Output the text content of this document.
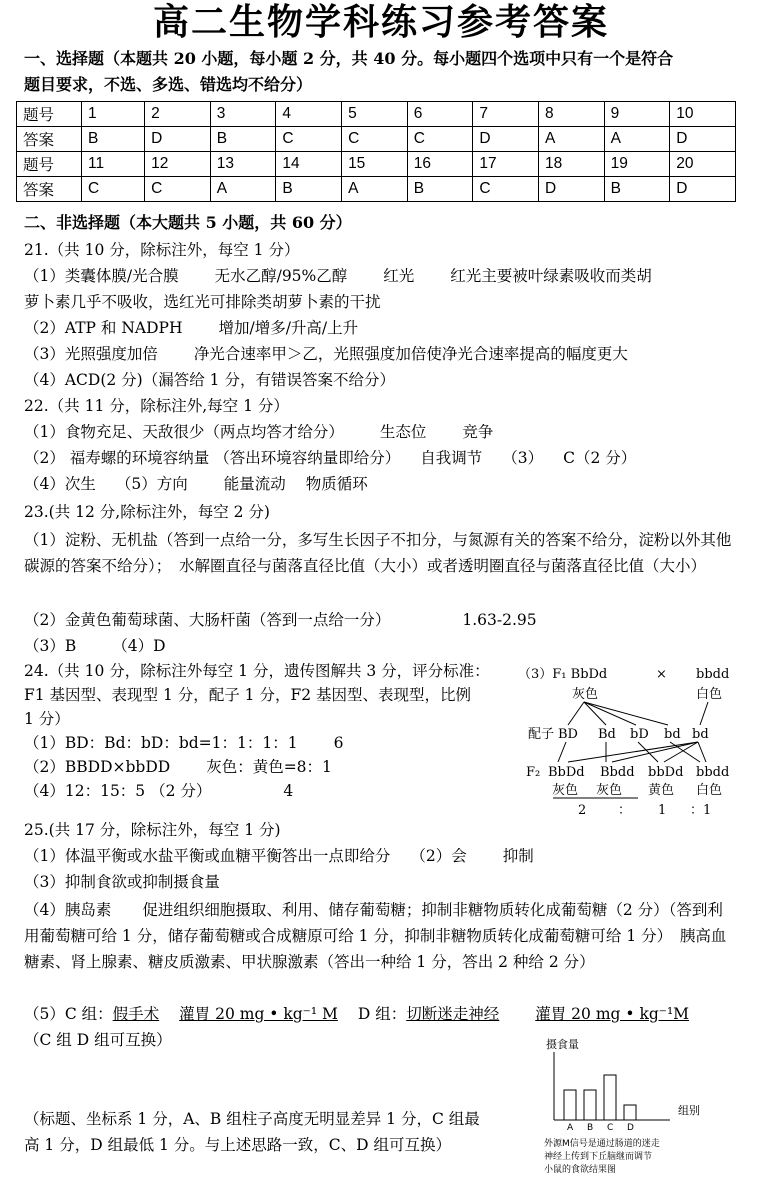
高二生物学科练习参考答案
一、选择题（本题共 20 小题，每小题 2 分，共 40 分。每小题四个选项中只有一个是符合
题目要求，不选、多选、错选均不给分）
题号	1	2	3	4	5	6	7	8	9	10
答案	B	D	B	C	C	C	D	A	A	D
题号	11	12	13	14	15	16	17	18	19	20
答案	C	C	A	B	A	B	C	D	B	D
二、非选择题（本大题共 5 小题，共 60 分）
21.（共 10 分，除标注外，每空 1 分）
（1）类囊体膜/光合膜 无水乙醇/95%乙醇 红光 红光主要被叶绿素吸收而类胡
萝卜素几乎不吸收，选红光可排除类胡萝卜素的干扰
（2）ATP 和 NADPH 增加/增多/升高/上升
（3）光照强度加倍 净光合速率甲＞乙，光照强度加倍使净光合速率提高的幅度更大
（4）ACD(2 分)（漏答给 1 分，有错误答案不给分）
22.（共 11 分，除标注外,每空 1 分）
（1）食物充足、天敌很少（两点均答才给分） 生态位 竞争
（2） 福寿螺的环境容纳量 （答出环境容纳量即给分） 自我调节 （3） C（2 分）
（4）次生 （5）方向 能量流动 物质循环
23.(共 12 分,除标注外，每空 2 分)
（1）淀粉、无机盐（答到一点给一分，多写生长因子不扣分，与氮源有关的答案不给分，淀粉以外其他碳源的答案不给分）；　水解圈直径与菌落直径比值（大小）或者透明圈直径与菌落直径比值（大小）
（2）金黄色葡萄球菌、大肠杆菌（答到一点给一分）	1.63-2.95
（3）B （4）D
24.（共 10 分，除标注外每空 1 分，遗传图解共 3 分，评分标准：
F1 基因型、表现型 1 分，配子 1 分，F2 基因型、表现型，比例
1 分）
（1）BD：Bd：bD：bd=1：1：1：1 6
（2）BBDD×bbDD 灰色：黄色=8：1
（4）12：15：5 （2 分）	4
（3）F₁ BbDd	× bbdd
灰色	白色
配子 BD Bd bD bd bd
F₂ BbDd Bbdd bbDd bbdd
灰色 灰色 黄色 白色
2 ： 1 ：1
25.(共 17 分，除标注外，每空 1 分)
（1）体温平衡或水盐平衡或血糖平衡答出一点即给分 （2）会 抑制
（3）抑制食欲或抑制摄食量
（4）胰岛素　　促进组织细胞摄取、利用、储存葡萄糖；抑制非糖物质转化成葡萄糖（2 分）（答到利用葡萄糖可给 1 分，储存葡萄糖或合成糖原可给 1 分，抑制非糖物质转化成葡萄糖可给 1 分）　胰高血糖素、肾上腺素、糖皮质激素、甲状腺激素（答出一种给 1 分，答出 2 种给 2 分）
（5）C 组：假手术 灌胃 20 mg • kg⁻¹ M D 组：切断迷走神经 灌胃 20 mg • kg⁻¹M
（C 组 D 组可互换）
（标题、坐标系 1 分，A、B 组柱子高度无明显差异 1 分，C 组最
高 1 分，D 组最低 1 分。与上述思路一致，C、D 组可互换）
摄食量
组别
A B C D
外源M信号是通过肠道的迷走
神经上传到下丘脑继而调节
小鼠的食欲结果图
